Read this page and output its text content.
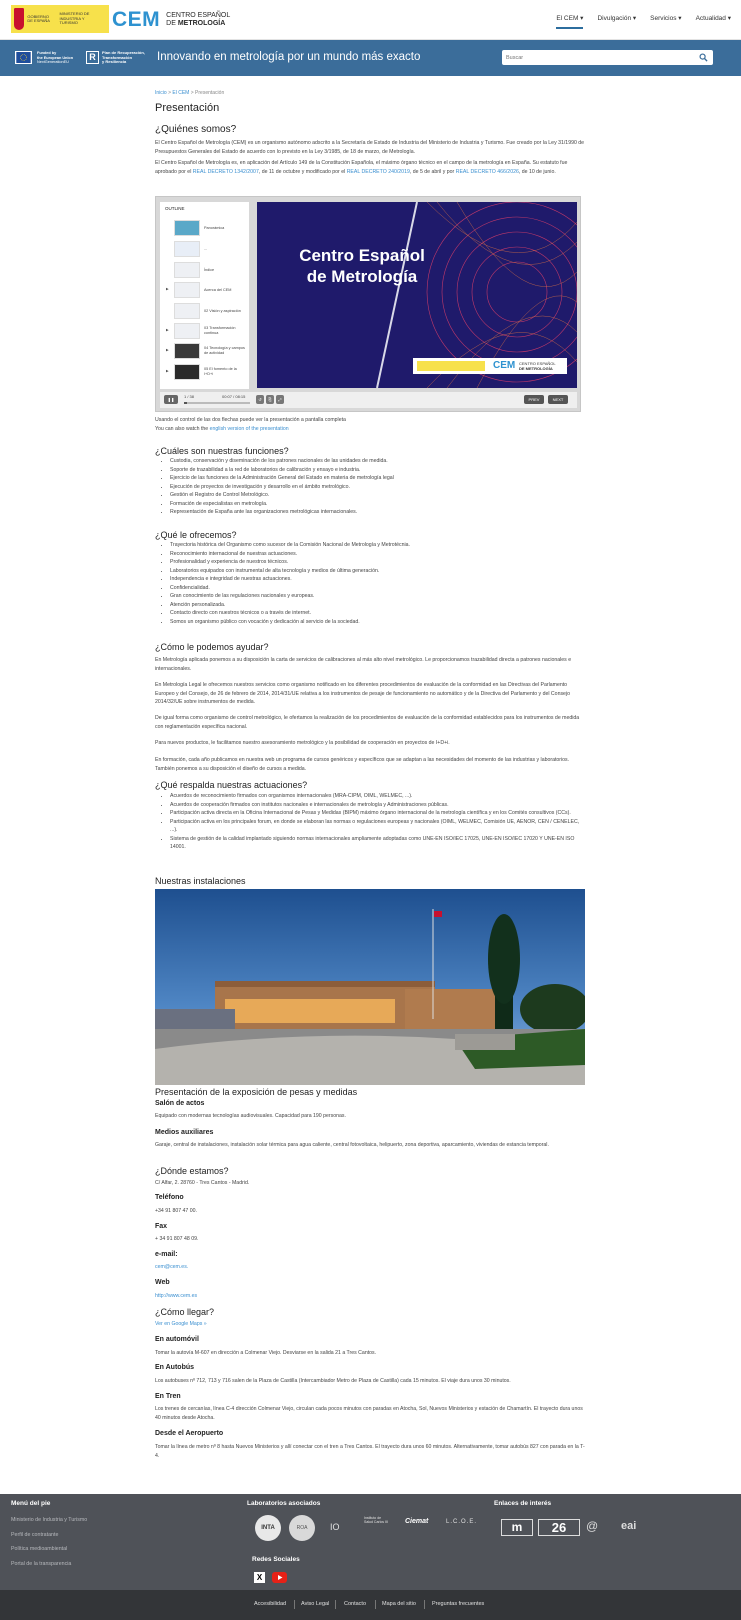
GOBIERNO DE ESPAÑA
MINISTERIO DE INDUSTRIA Y TURISMO	CEM CENTRO ESPAÑOL
DE METROLOGÍA
El CEM ▾ Divulgación ▾ Servicios ▾ Actualidad ▾
Funded by
the European Union
NextGenerationEU	R	Plan de Recuperación,
Transformación
y Resiliencia	Innovando en metrología por un mundo más exacto
Buscar
Inicio > El CEM > Presentación
Presentación
¿Quiénes somos?

El Centro Español de Metrología (CEM) es un organismo autónomo adscrito a la Secretaría de Estado de Industria del Ministerio de Industria y Turismo. Fue creado por la Ley 31/1990 de Presupuestos Generales del Estado de acuerdo con lo previsto en la Ley 3/1985, de 18 de marzo, de Metrología.

El Centro Español de Metrología es, en aplicación del Artículo 149 de la Constitución Española, el máximo órgano técnico en el campo de la metrología en España. Su estatuto fue aprobado por el REAL DECRETO 1342/2007, de 11 de octubre y modificado por el REAL DECRETO 240/2019, de 5 de abril y por REAL DECRETO 466/2026, de 10 de junio.

OUTLINE
Panorámica
...
Índice
▶	Acerca del CEM
02 Visión y aspiración
▶	03 Transformación continua
▶	04 Tecnología y campos de actividad
▶	05 El fomento de la I+D+i
Centro Español de Metrología
CEM CENTRO ESPAÑOL
DE METROLOGÍA
❚❚
1 / 38	00:07 / 08:15
↺	⎘	⤢	PREV	NEXT

Usando el control de las dos flechas puede ver la presentación a pantalla completa

You can also watch the english version of the presentation

¿Cuáles son nuestras funciones?
• Custodia, conservación y diseminación de los patrones nacionales de las unidades de medida.
• Soporte de trazabilidad a la red de laboratorios de calibración y ensayo e industria.
• Ejercicio de las funciones de la Administración General del Estado en materia de metrología legal
• Ejecución de proyectos de investigación y desarrollo en el ámbito metrológico.
• Gestión el Registro de Control Metrológico.
• Formación de especialistas en metrología.
• Representación de España ante las organizaciones metrológicas internacionales.
¿Qué le ofrecemos?
• Trayectoria histórica del Organismo como sucesor de la Comisión Nacional de Metrología y Metrotécnia.
• Reconocimiento internacional de nuestras actuaciones.
• Profesionalidad y experiencia de nuestros técnicos.
• Laboratorios equipados con instrumental de alta tecnología y medios de última generación.
• Independencia e integridad de nuestras actuaciones.
• Confidencialidad.
• Gran conocimiento de las regulaciones nacionales y europeas.
• Atención personalizada.
• Contacto directo con nuestros técnicos o a través de internet.
• Somos un organismo público con vocación y dedicación al servicio de la sociedad.
¿Cómo le podemos ayudar?

En Metrología aplicada ponemos a su disposición la carta de servicios de calibraciones al más alto nivel metrológico. Le proporcionamos trazabilidad directa a patrones nacionales e internacionales.

En Metrología Legal le ofrecemos nuestros servicios como organismo notificado en los diferentes procedimientos de evaluación de la conformidad en las Directivas del Parlamento Europeo y del Consejo, de 26 de febrero de 2014, 2014/31/UE relativa a los instrumentos de pesaje de funcionamiento no automático y de la Directiva del Parlamento y del Consejo 2014/32/UE sobre instrumentos de medida.

De igual forma como organismo de control metrológico, le ofertamos la realización de los procedimientos de evaluación de la conformidad establecidos para los instrumentos de medida con reglamentación específica nacional.

Para nuevos productos, le facilitamos nuestro asesoramiento metrológico y la posibilidad de cooperación en proyectos de I+D+i.

En formación, cada año publicamos en nuestra web un programa de cursos genéricos y específicos que se adaptan a las necesidades del momento de las industrias y laboratorios. También ponemos a su disposición el diseño de cursos a medida.

¿Qué respalda nuestras actuaciones?
• Acuerdos de reconocimiento firmados con organismos internacionales (MRA-CIPM, OIML, WELMEC, ...).
• Acuerdos de cooperación firmados con institutos nacionales e internacionales de metrología y Administraciones públicas.
• Participación activa directa en la Oficina Internacional de Pesas y Medidas (BIPM) máximo órgano internacional de la metrología científica y en los Comités consultivos (CCs).
• Participación activa en los principales forum, en donde se elaboran las normas o regulaciones europeas y nacionales (OIML, WELMEC, Comisión UE, AENOR, CEN / CENELEC, ...).
• Sistema de gestión de la calidad implantado siguiendo normas internacionales ampliamente adoptadas como UNE-EN ISO/IEC 17025, UNE-EN ISO/IEC 17020 Y UNE-EN ISO 14001.
Nuestras instalaciones
Presentación de la exposición de pesas y medidas
Salón de actos

Equipado con modernas tecnologías audiovisuales. Capacidad para 190 personas.

Medios auxiliares

Garaje, central de instalaciones, instalación solar térmica para agua caliente, central fotovoltaica, helipuerto, zona deportiva, aparcamiento, viviendas de estancia temporal.

¿Dónde estamos?

C/ Alfar, 2. 28760 - Tres Cantos - Madrid.

Teléfono

+34 91 807 47 00.

Fax

+ 34 91 807 48 09.

e-mail:

cem@cem.es.

Web

http://www.cem.es

¿Cómo llegar?

Ver en Google Maps »

En automóvil

Tomar la autovía M-607 en dirección a Colmenar Viejo. Desviarse en la salida 21 a Tres Cantos.

En Autobús

Los autobuses nº 712, 713 y 716 salen de la Plaza de Castilla (Intercambiador Metro de Plaza de Castilla) cada 15 minutos. El viaje dura unos 30 minutos.

En Tren

Los trenes de cercanías, línea C-4 dirección Colmenar Viejo, circulan cada pocos minutos con paradas en Atocha, Sol, Nuevos Ministerios y estación de Chamartín. El trayecto dura unos 40 minutos desde Atocha.

Desde el Aeropuerto

Tomar la línea de metro nº 8 hasta Nuevos Ministerios y allí conectar con el tren a Tres Cantos. El trayecto dura unos 60 minutos. Alternativamente, tomar autobús 827 con parada en la T-4.

Menú del pie
Ministerio de Industria y Turismo
Perfil de contratante
Política medioambiental
Portal de la transparencia
Laboratorios asociados
INTA	ROA	IO
Instituto de Salud Carlos III Ciemat	L.C.O.E.
Enlaces de interés
m	26	@ eai
Redes Sociales
X
Accesibilidad	Aviso Legal	Contacto	Mapa del sitio	Preguntas frecuentes
